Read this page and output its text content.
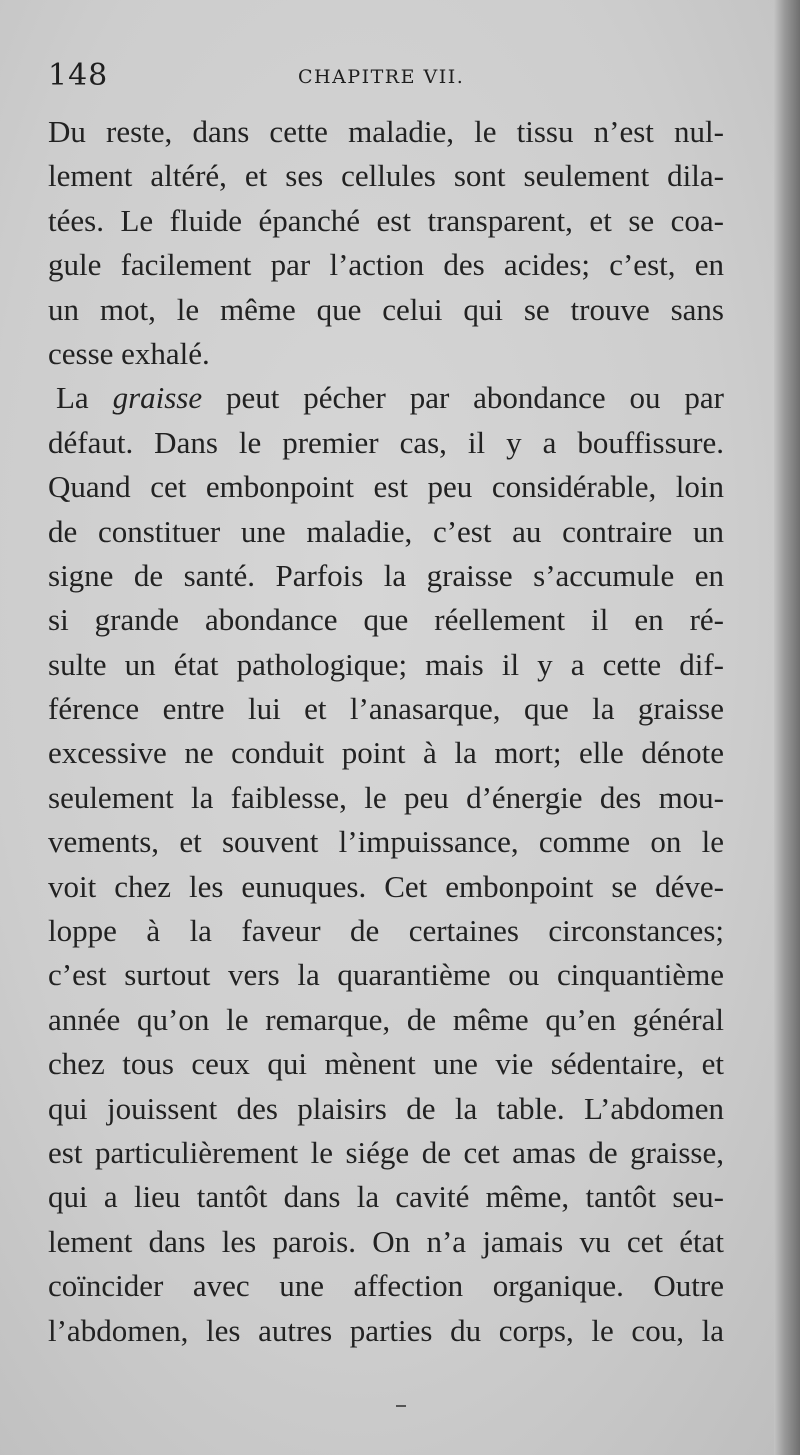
148	CHAPITRE VII.
Du reste, dans cette maladie, le tissu n’est nul-
lement altéré, et ses cellules sont seulement dila-
tées. Le fluide épanché est transparent, et se coa-
gule facilement par l’action des acides; c’est, en
un mot, le même que celui qui se trouve sans
cesse exhalé.
La graisse peut pécher par abondance ou par
défaut. Dans le premier cas, il y a bouffissure.
Quand cet embonpoint est peu considérable, loin
de constituer une maladie, c’est au contraire un
signe de santé. Parfois la graisse s’accumule en
si grande abondance que réellement il en ré-
sulte un état pathologique; mais il y a cette dif-
férence entre lui et l’anasarque, que la graisse
excessive ne conduit point à la mort; elle dénote
seulement la faiblesse, le peu d’énergie des mou-
vements, et souvent l’impuissance, comme on le
voit chez les eunuques. Cet embonpoint se déve-
loppe à la faveur de certaines circonstances;
c’est surtout vers la quarantième ou cinquantième
année qu’on le remarque, de même qu’en général
chez tous ceux qui mènent une vie sédentaire, et
qui jouissent des plaisirs de la table. L’abdomen
est particulièrement le siége de cet amas de graisse,
qui a lieu tantôt dans la cavité même, tantôt seu-
lement dans les parois. On n’a jamais vu cet état
coïncider avec une affection organique. Outre
l’abdomen, les autres parties du corps, le cou, la
